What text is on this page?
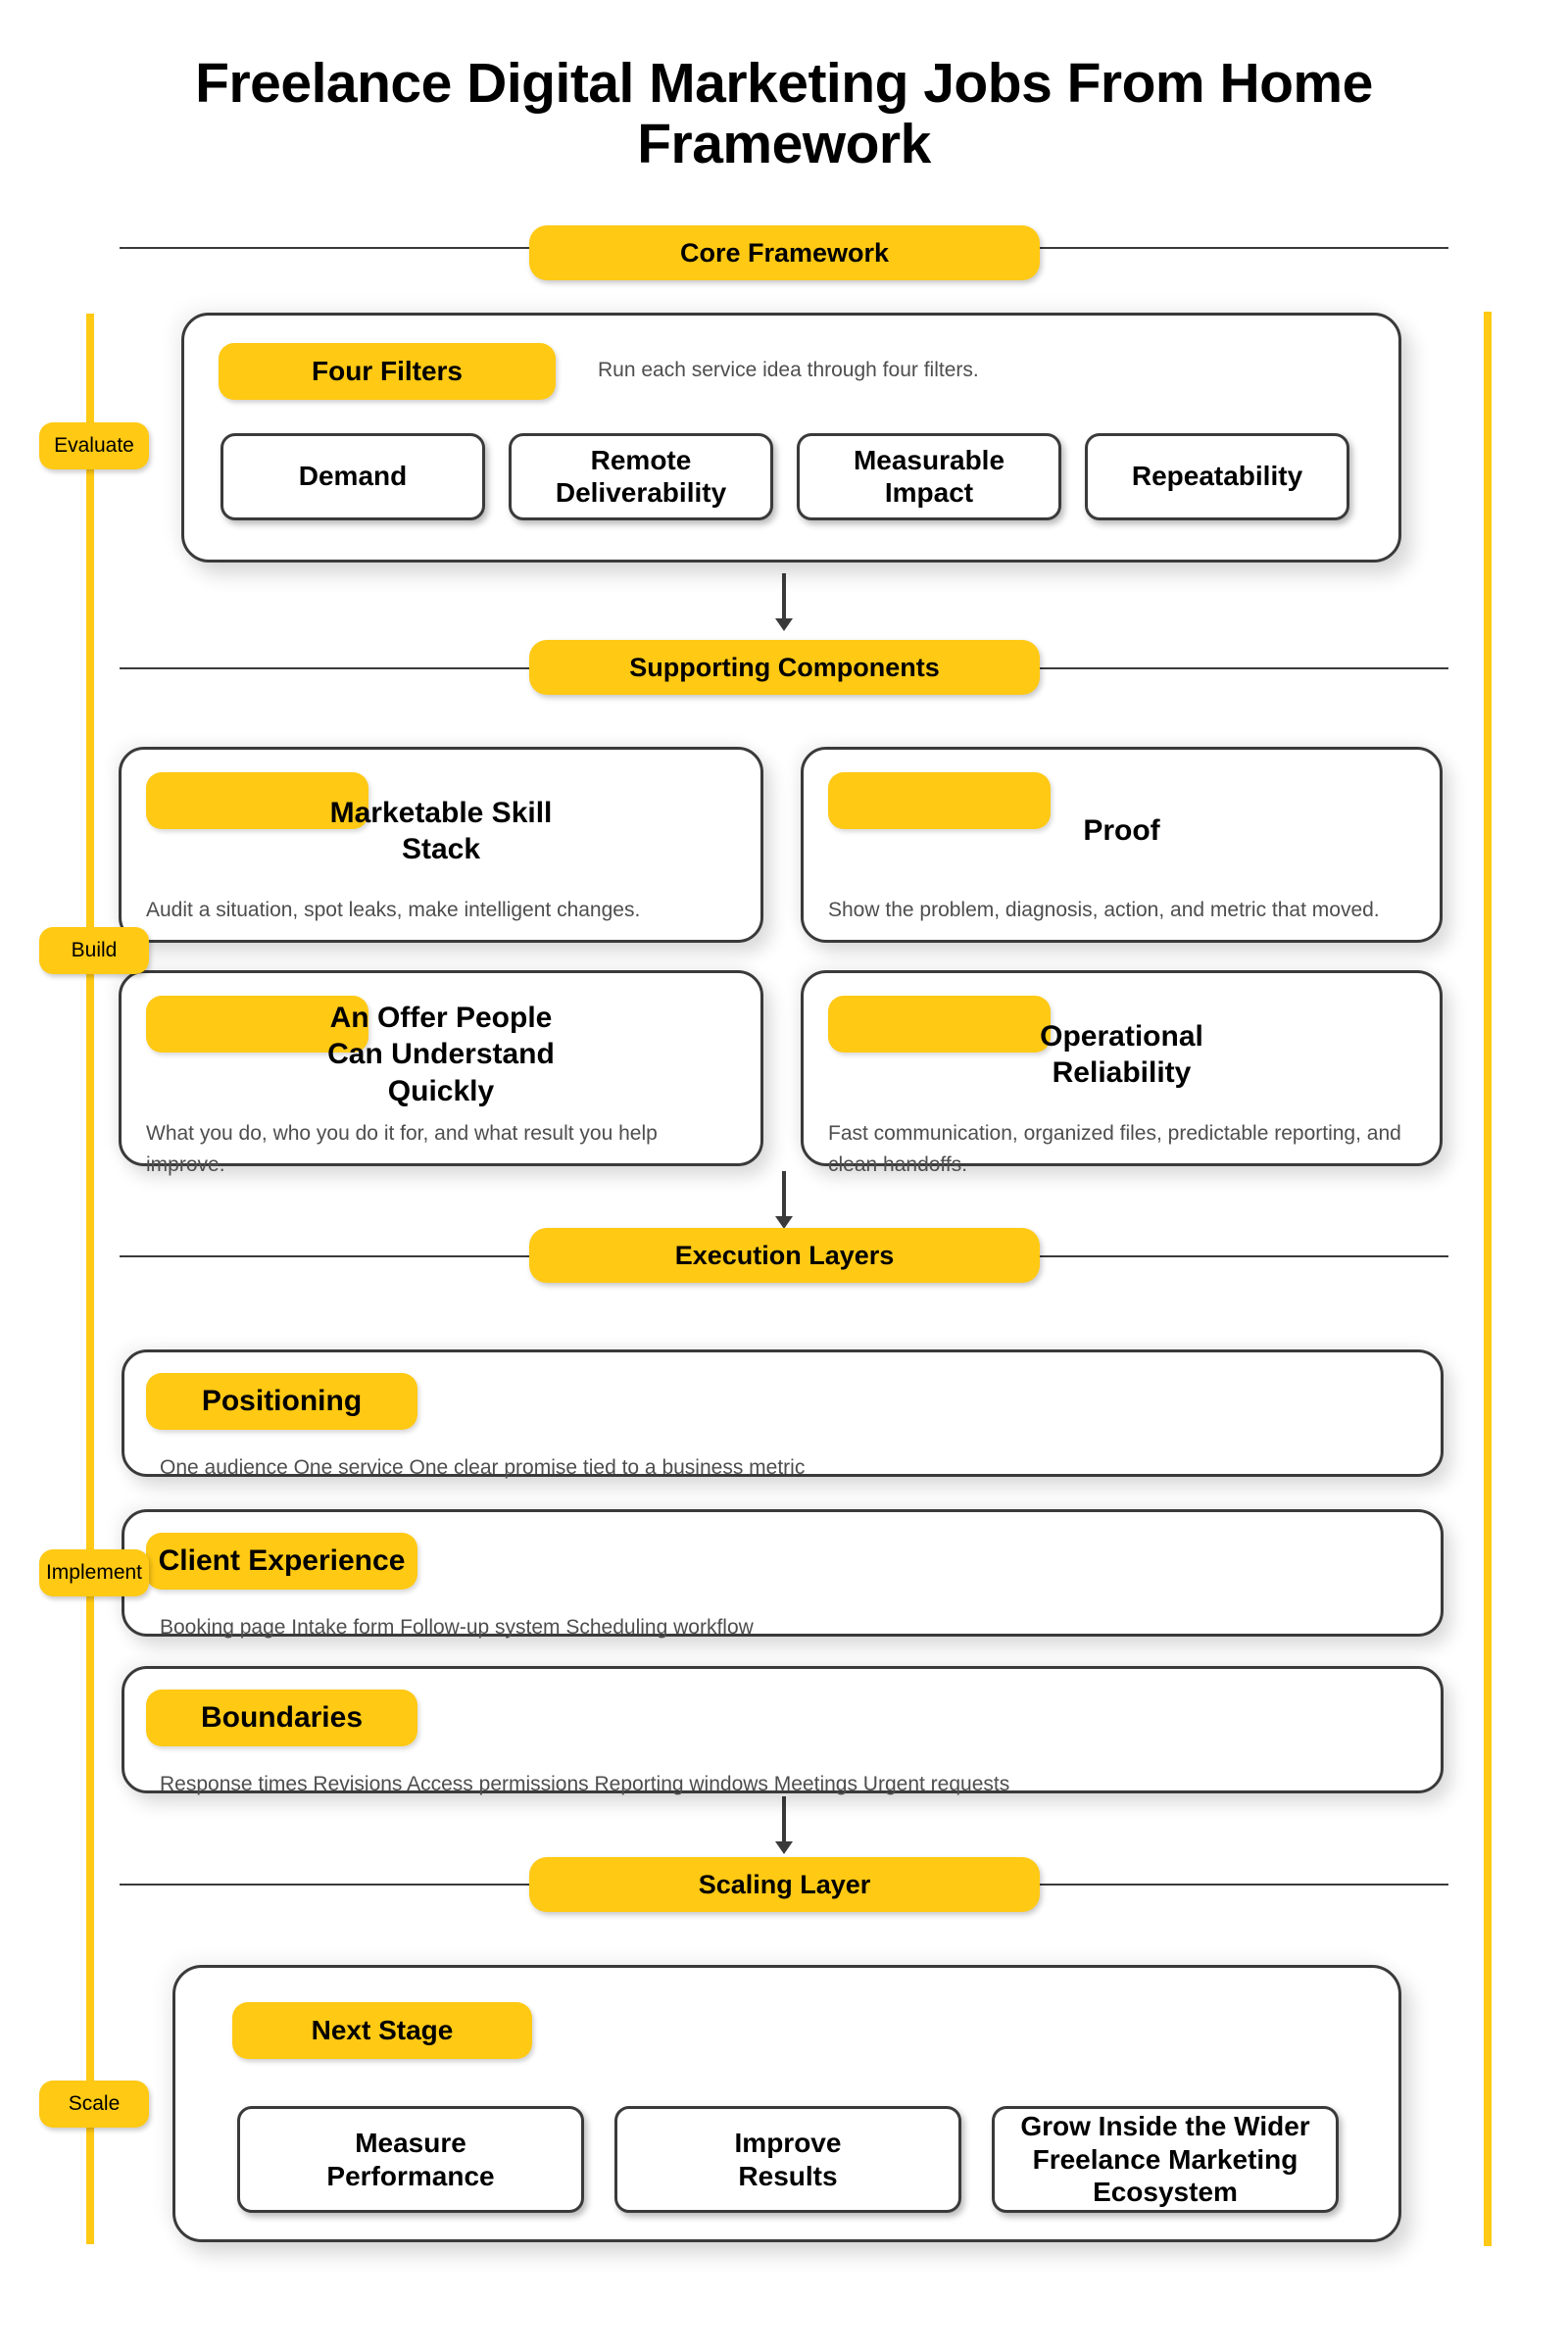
Freelance Digital Marketing Jobs From Home Framework
Evaluate
Build
Implement
Scale
Core Framework
Supporting Components
Execution Layers
Scaling Layer
Four Filters	Run each service idea through four filters.
Demand
Remote Deliverability
Measurable Impact
Repeatability
Marketable Skill Stack
Audit a situation, spot leaks, make intelligent changes.
Proof
Show the problem, diagnosis, action, and metric that moved.
An Offer People Can Understand Quickly
What you do, who you do it for, and what result you help improve.
Operational Reliability
Fast communication, organized files, predictable reporting, and clean handoffs.
Positioning
One audience One service One clear promise tied to a business metric
Client Experience
Booking page Intake form Follow-up system Scheduling workflow
Boundaries
Response times Revisions Access permissions Reporting windows Meetings Urgent requests
Next Stage
Measure Performance
Improve Results
Grow Inside the Wider Freelance Marketing Ecosystem
